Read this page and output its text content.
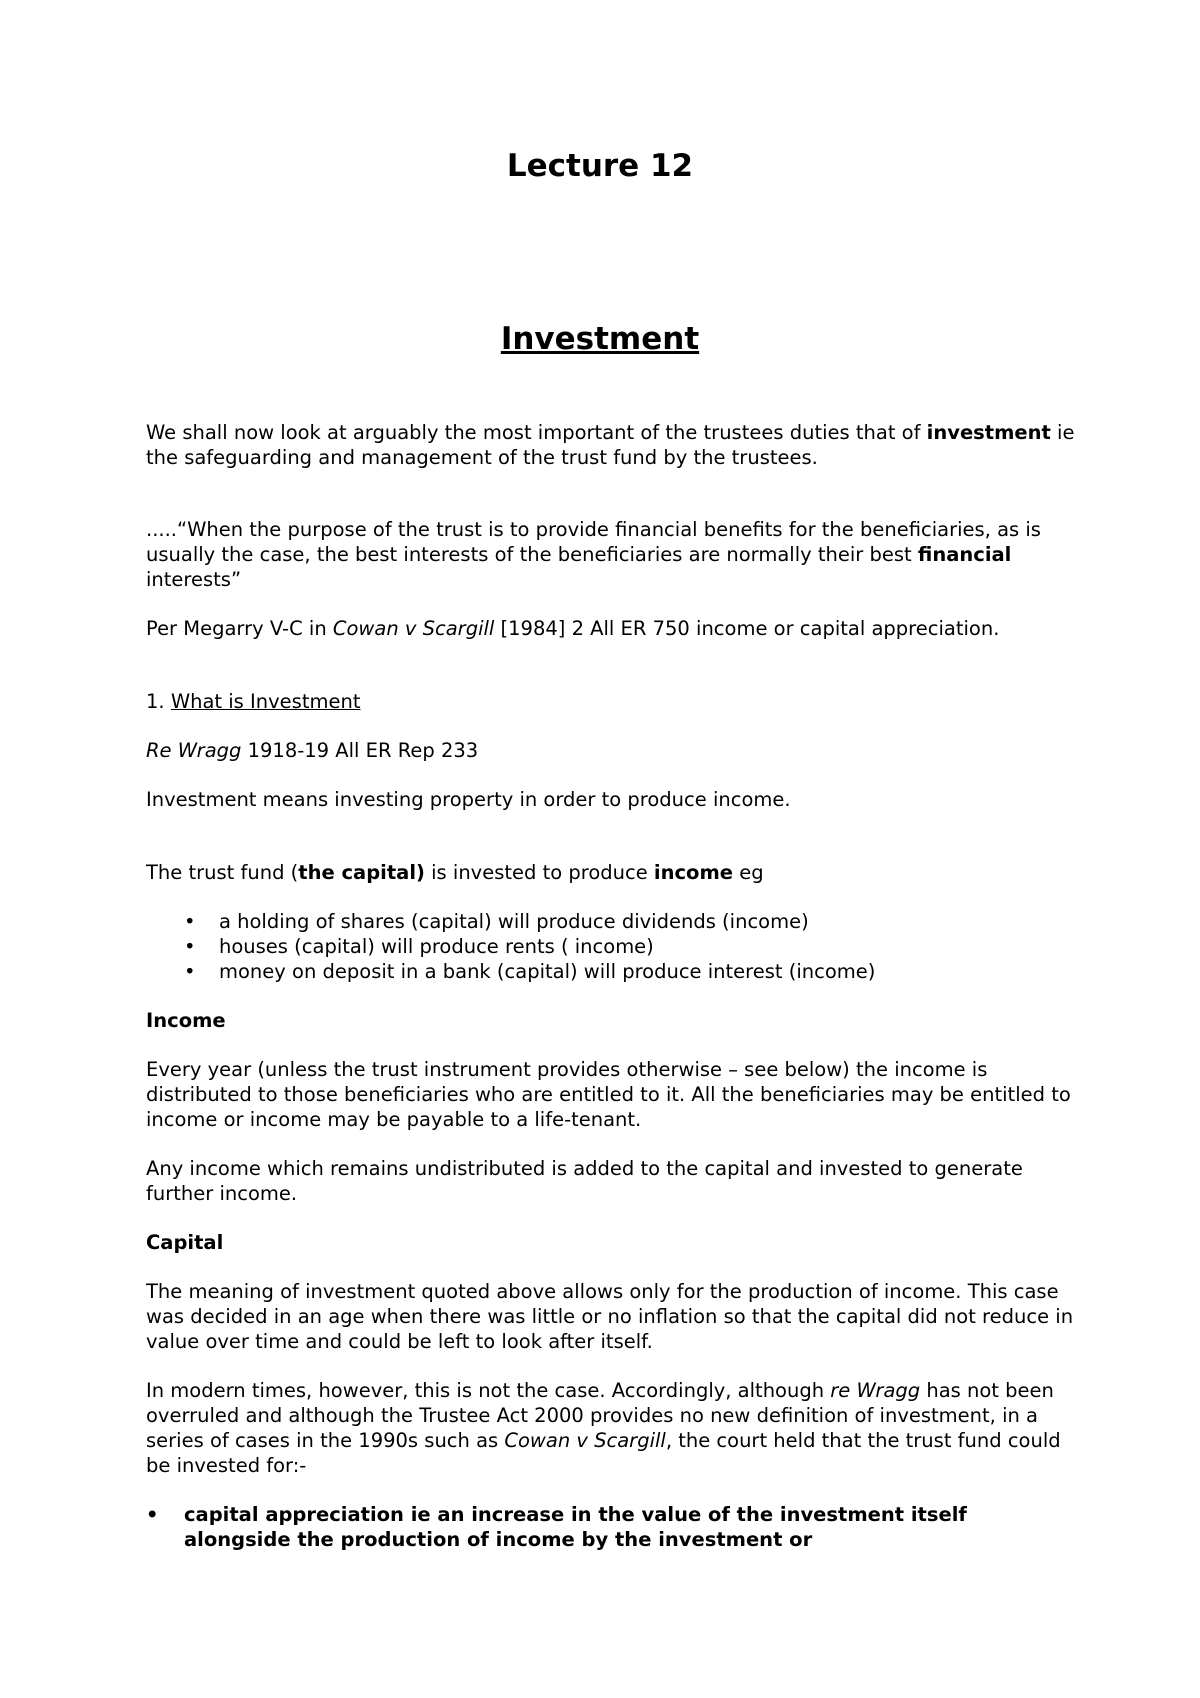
Lecture 12
Investment

We shall now look at arguably the most important of the trustees duties that of investment ie the safeguarding and management of the trust fund by the trustees.

.....“When the purpose of the trust is to provide financial benefits for the beneficiaries, as is usually the case, the best interests of the beneficiaries are normally their best financial interests”

Per Megarry V-C in Cowan v Scargill [1984] 2 All ER 750 income or capital appreciation.

1. What is Investment

Re Wragg 1918-19 All ER Rep 233

Investment means investing property in order to produce income.

The trust fund (the capital) is invested to produce income eg

• a holding of shares (capital) will produce dividends (income)
• houses (capital) will produce rents ( income)
• money on deposit in a bank (capital) will produce interest (income)

Income

Every year (unless the trust instrument provides otherwise – see below) the income is distributed to those beneficiaries who are entitled to it. All the beneficiaries may be entitled to income or income may be payable to a life-tenant.

Any income which remains undistributed is added to the capital and invested to generate further income.

Capital

The meaning of investment quoted above allows only for the production of income. This case was decided in an age when there was little or no inflation so that the capital did not reduce in value over time and could be left to look after itself.

In modern times, however, this is not the case. Accordingly, although re Wragg has not been overruled and although the Trustee Act 2000 provides no new definition of investment, in a series of cases in the 1990s such as Cowan v Scargill, the court held that the trust fund could be invested for:-

• capital appreciation ie an increase in the value of the investment itself alongside the production of income by the investment or
